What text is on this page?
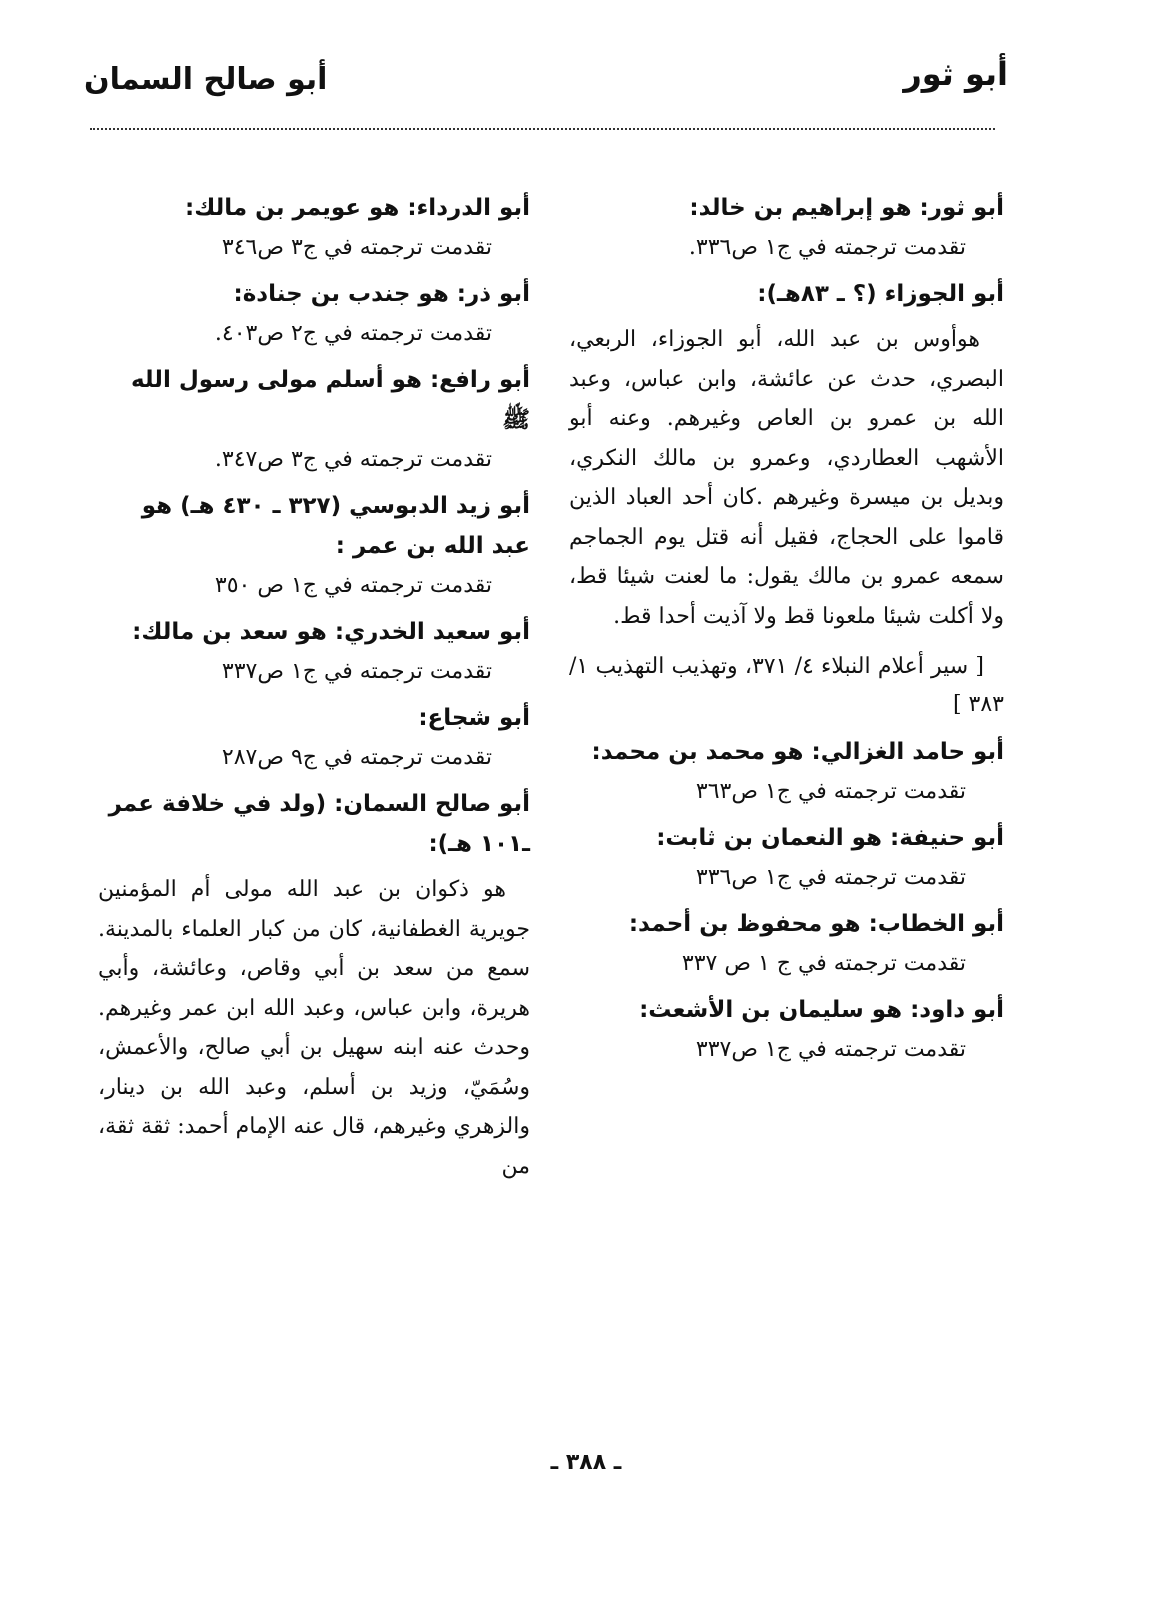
أبو ثور
أبو صالح السمان

أبو ثور: هو إبراهيم بن خالد:

تقدمت ترجمته في ج١ ص٣٣٦.

أبو الجوزاء (؟ ـ ٨٣هـ):

هوأوس بن عبد الله، أبو الجوزاء، الربعي، البصري، حدث عن عائشة، وابن عباس، وعبد الله بن عمرو بن العاص وغيرهم. وعنه أبو الأشهب العطاردي، وعمرو بن مالك النكري، وبديل بن ميسرة وغيرهم .كان أحد العباد الذين قاموا على الحجاج، فقيل أنه قتل يوم الجماجم سمعه عمرو بن مالك يقول: ما لعنت شيئا قط، ولا أكلت شيئا ملعونا قط ولا آذيت أحدا قط.

[ سير أعلام النبلاء ٤/ ٣٧١، وتهذيب التهذيب ١/ ٣٨٣ ]

أبو حامد الغزالي: هو محمد بن محمد:

تقدمت ترجمته في ج١ ص٣٦٣

أبو حنيفة: هو النعمان بن ثابت:

تقدمت ترجمته في ج١ ص٣٣٦

أبو الخطاب: هو محفوظ بن أحمد:

تقدمت ترجمته في ج ١ ص ٣٣٧

أبو داود: هو سليمان بن الأشعث:

تقدمت ترجمته في ج١ ص٣٣٧

أبو الدرداء: هو عويمر بن مالك:

تقدمت ترجمته في ج٣ ص٣٤٦

أبو ذر: هو جندب بن جنادة:

تقدمت ترجمته في ج٢ ص٤٠٣.

أبو رافع: هو أسلم مولى رسول الله ﷺ

تقدمت ترجمته في ج٣ ص٣٤٧.

أبو زيد الدبوسي (٣٢٧ ـ ٤٣٠ هـ) هو عبد الله بن عمر :

تقدمت ترجمته في ج١ ص ٣٥٠

أبو سعيد الخدري: هو سعد بن مالك:

تقدمت ترجمته في ج١ ص٣٣٧

أبو شجاع:

تقدمت ترجمته في ج٩ ص٢٨٧

أبو صالح السمان: (ولد في خلافة عمر ـ١٠١ هـ):

هو ذكوان بن عبد الله مولى أم المؤمنين جويرية الغطفانية، كان من كبار العلماء بالمدينة. سمع من سعد بن أبي وقاص، وعائشة، وأبي هريرة، وابن عباس، وعبد الله ابن عمر وغيرهم. وحدث عنه ابنه سهيل بن أبي صالح، والأعمش، وسُمَيّ، وزيد بن أسلم، وعبد الله بن دينار، والزهري وغيرهم، قال عنه الإمام أحمد: ثقة ثقة، من

ـ ٣٨٨ ـ
